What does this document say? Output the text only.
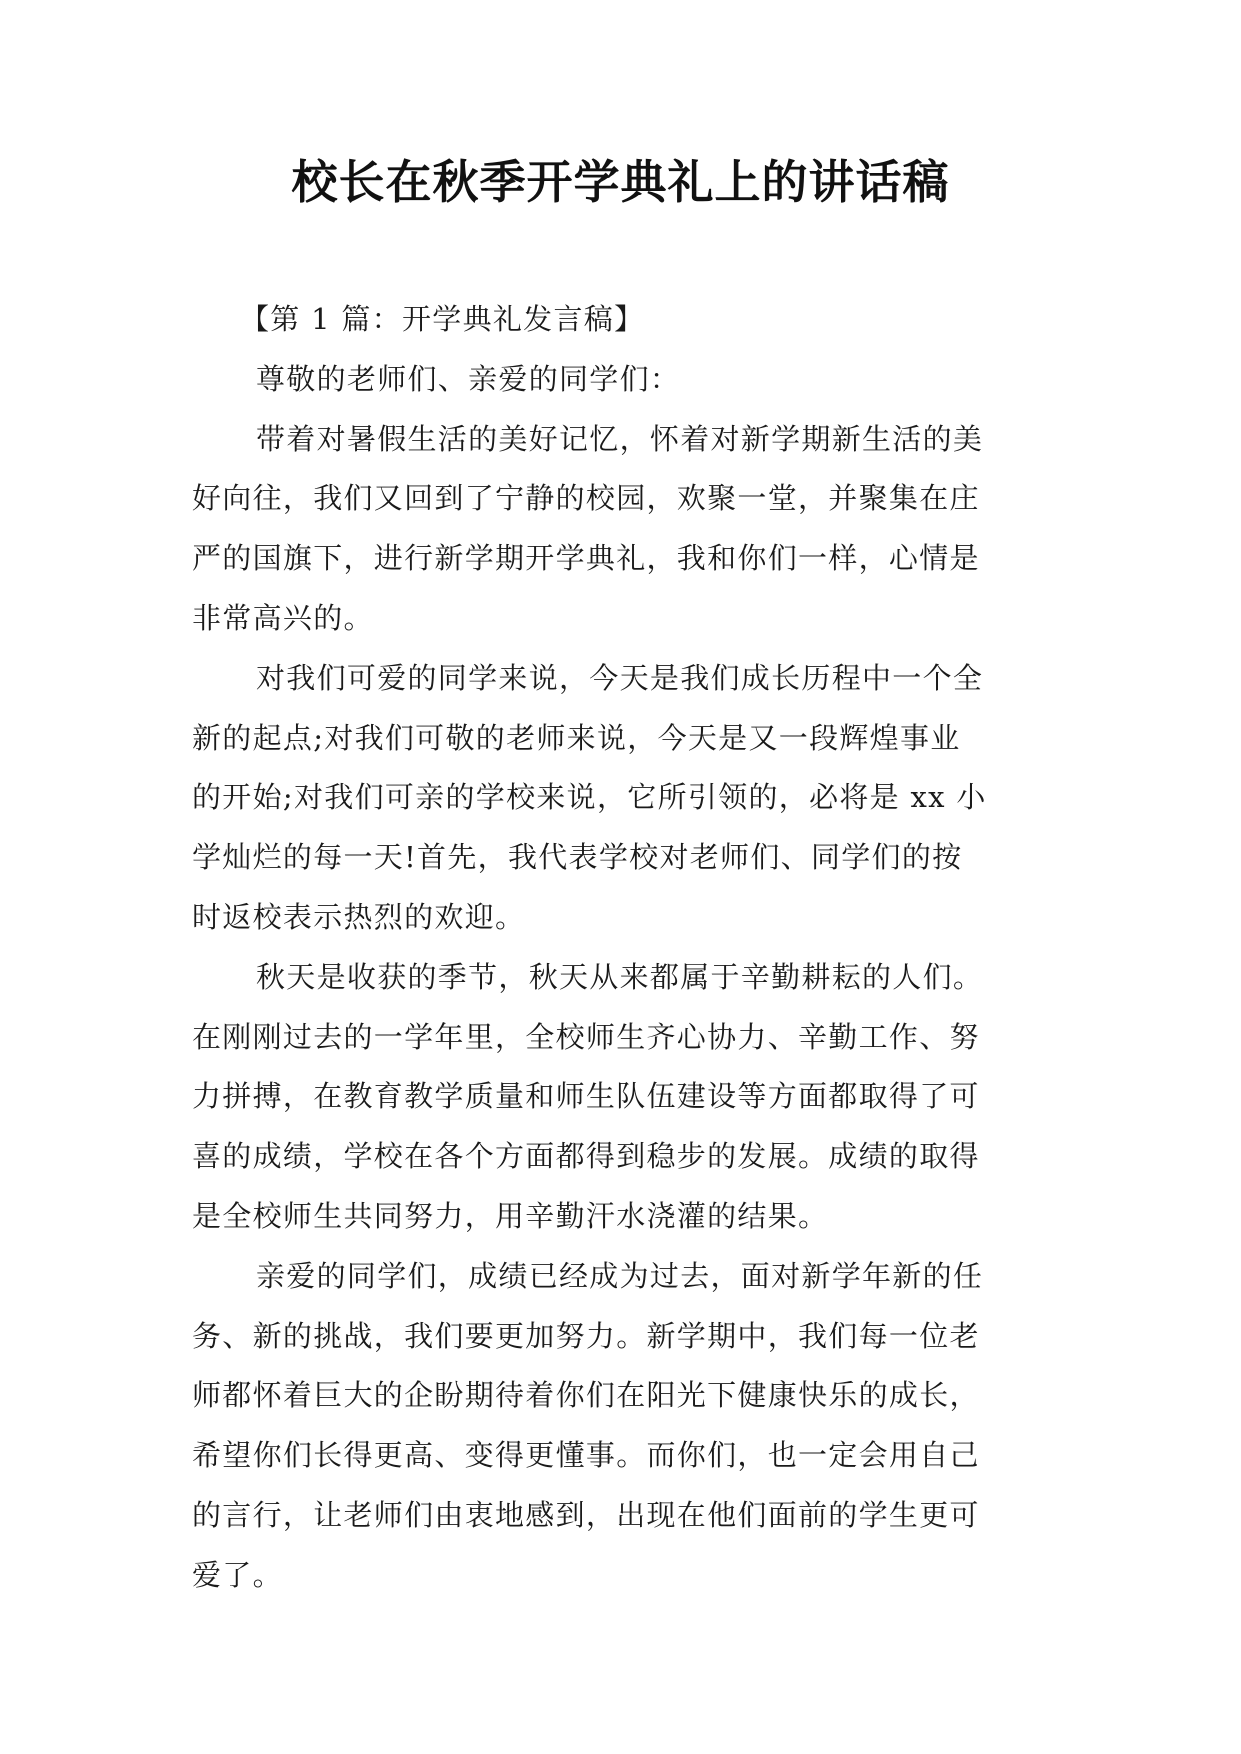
校长在秋季开学典礼上的讲话稿
【第 1 篇：开学典礼发言稿】
尊敬的老师们、亲爱的同学们：
带着对暑假生活的美好记忆，怀着对新学期新生活的美
好向往，我们又回到了宁静的校园，欢聚一堂，并聚集在庄
严的国旗下，进行新学期开学典礼，我和你们一样，心情是
非常高兴的。
对我们可爱的同学来说，今天是我们成长历程中一个全
新的起点;对我们可敬的老师来说，今天是又一段辉煌事业
的开始;对我们可亲的学校来说，它所引领的，必将是 xx 小
学灿烂的每一天!首先，我代表学校对老师们、同学们的按
时返校表示热烈的欢迎。
秋天是收获的季节，秋天从来都属于辛勤耕耘的人们。
在刚刚过去的一学年里，全校师生齐心协力、辛勤工作、努
力拼搏，在教育教学质量和师生队伍建设等方面都取得了可
喜的成绩，学校在各个方面都得到稳步的发展。成绩的取得
是全校师生共同努力，用辛勤汗水浇灌的结果。
亲爱的同学们，成绩已经成为过去，面对新学年新的任
务、新的挑战，我们要更加努力。新学期中，我们每一位老
师都怀着巨大的企盼期待着你们在阳光下健康快乐的成长，
希望你们长得更高、变得更懂事。而你们，也一定会用自己
的言行，让老师们由衷地感到，出现在他们面前的学生更可
爱了。
